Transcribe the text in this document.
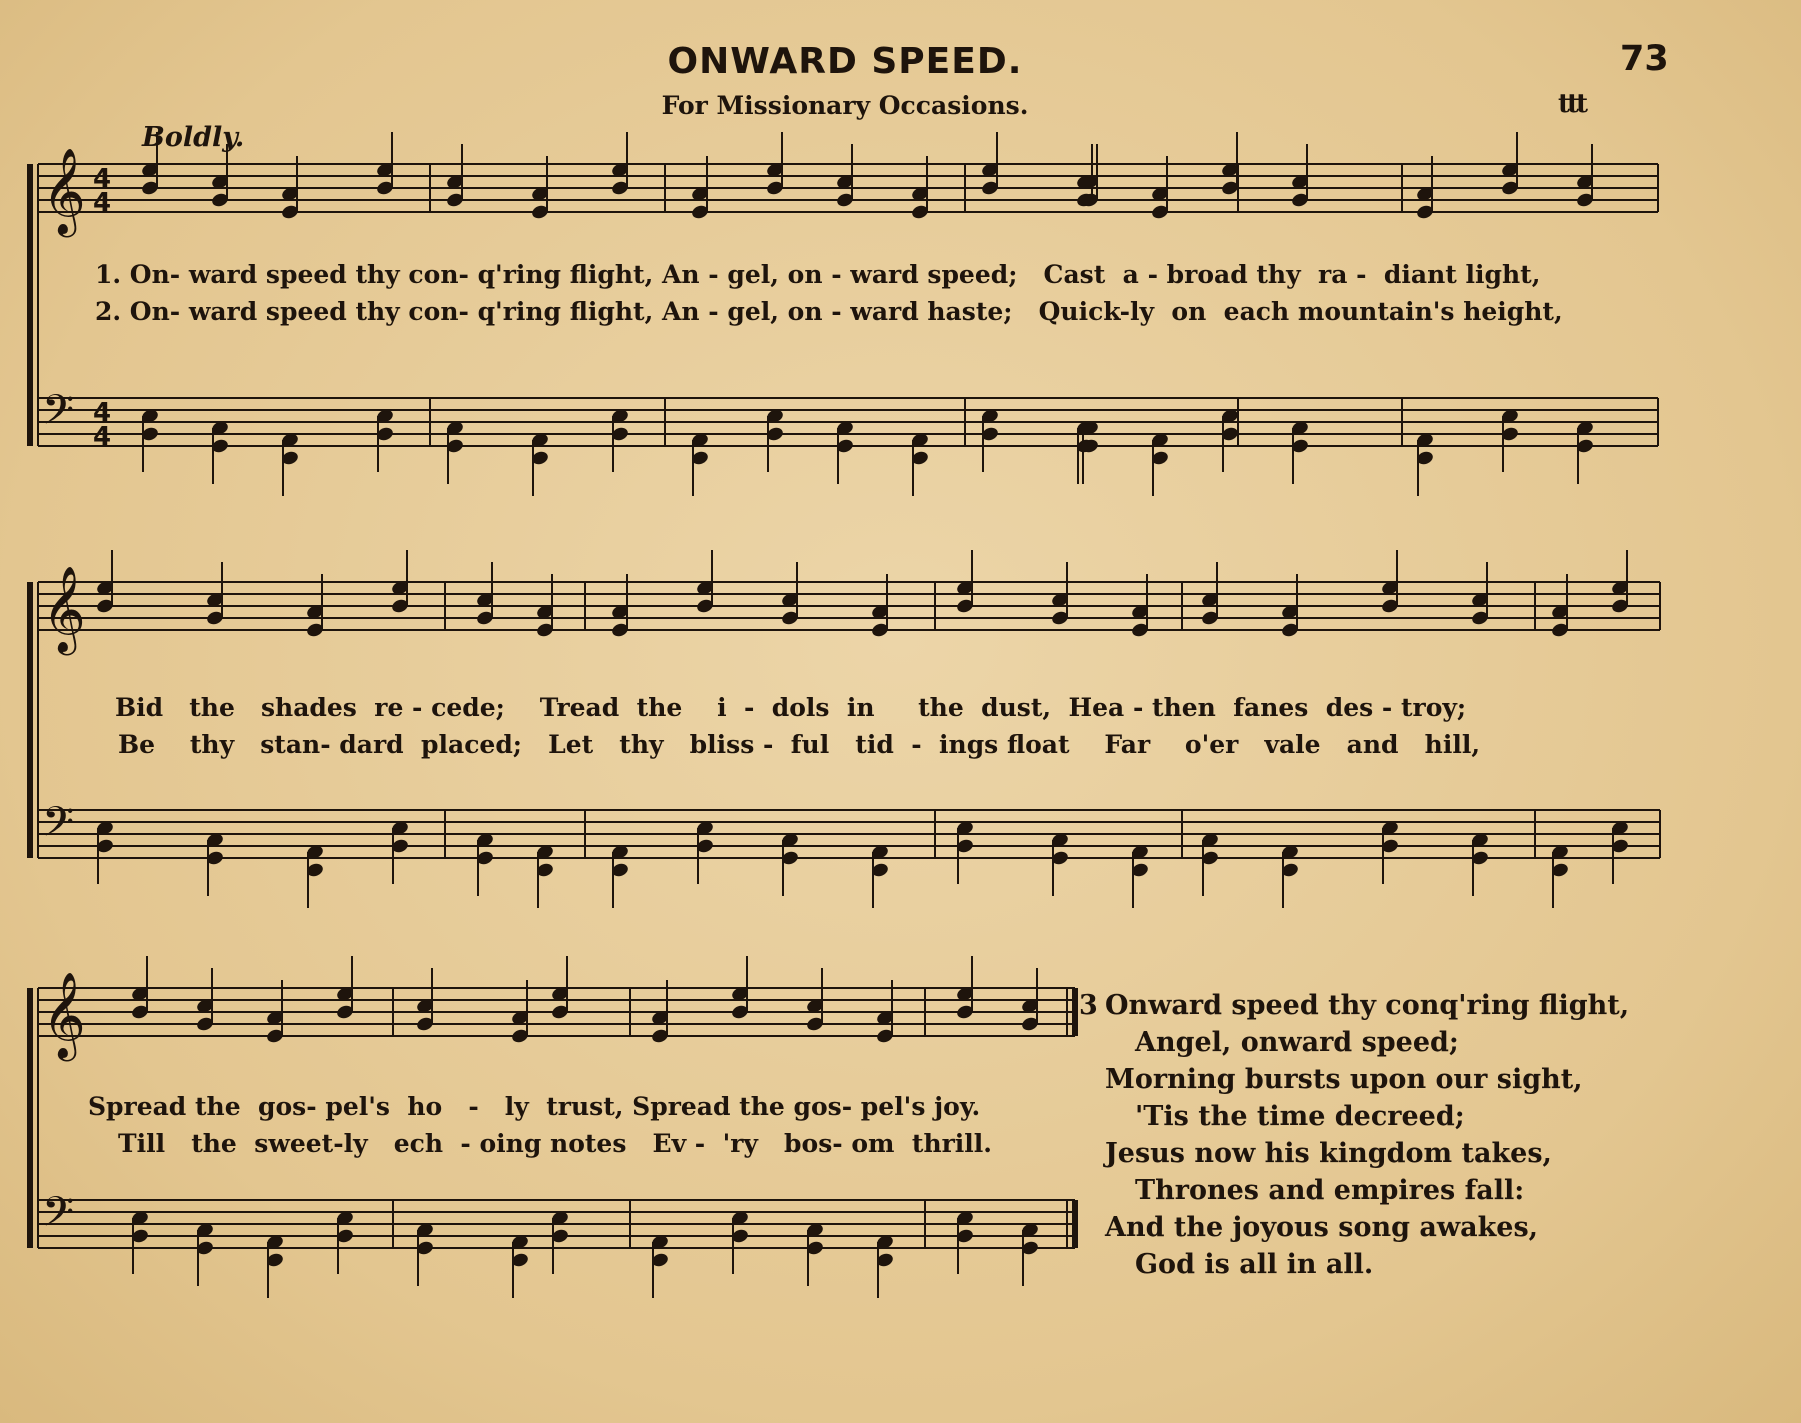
ONWARD SPEED.	73
For Missionary Occasions.	ttt
Boldly.
𝄞 4
4
𝄢 4
4
𝄞
𝄢
𝄞
𝄢
1. On- ward speed thy con- q'ring flight, An - gel, on - ward speed;   Cast  a - broad thy  ra -  diant light,
2. On- ward speed thy con- q'ring flight, An - gel, on - ward haste;   Quick-ly  on  each mountain's height,
Bid   the   shades  re - cede;    Tread  the    i  -  dols  in     the  dust,  Hea - then  fanes  des - troy;
Be    thy   stan- dard  placed;   Let   thy   bliss -  ful   tid  -  ings float    Far    o'er   vale   and   hill,
Spread the  gos- pel's  ho   -   ly  trust, Spread the gos- pel's joy.
Till   the  sweet-ly   ech  - oing notes   Ev -  'ry   bos- om  thrill.
3 Onward speed thy conq'ring flight,
Angel, onward speed;
Morning bursts upon our sight,
'Tis the time decreed;
Jesus now his kingdom takes,
Thrones and empires fall:
And the joyous song awakes,
God is all in all.
